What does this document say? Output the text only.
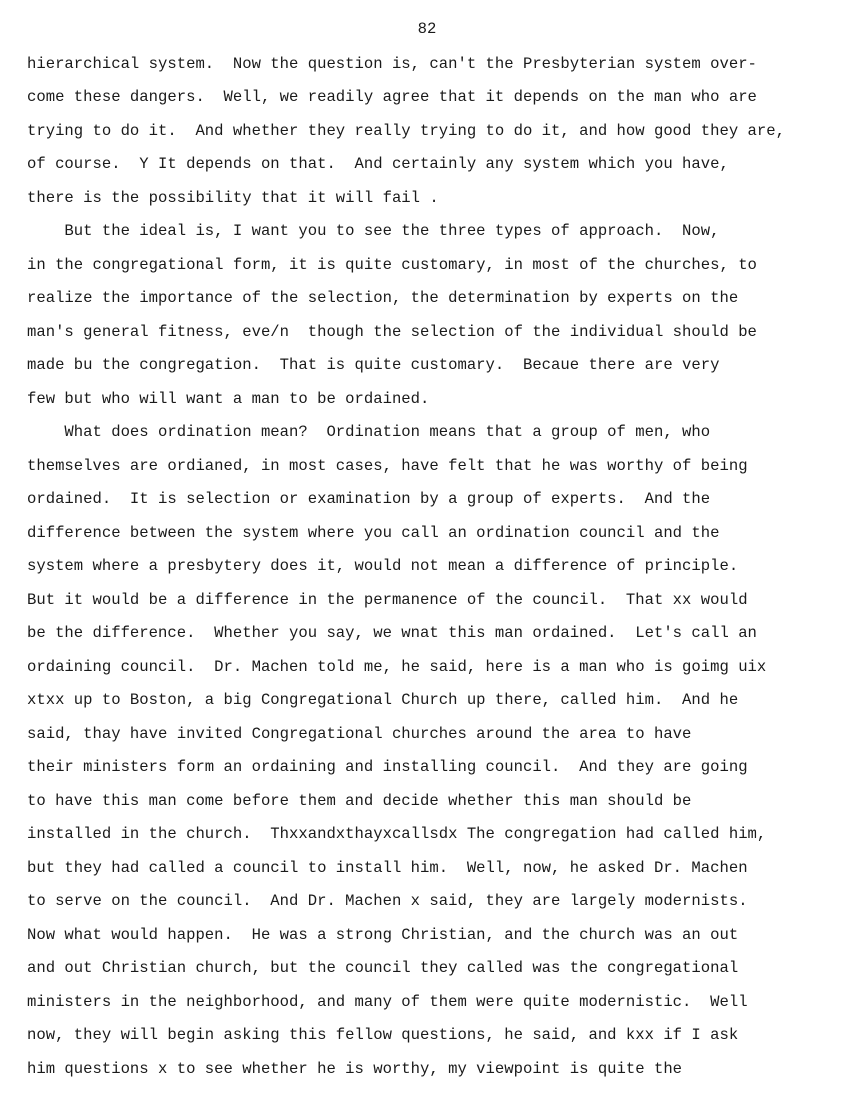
82
hierarchical system.  Now the question is, can't the Presbyterian system over-
come these dangers.  Well, we readily agree that it depends on the man who are
trying to do it.  And whether they really trying to do it, and how good they are,
of course.  Y It depends on that.  And certainly any system which you have,
there is the possibility that it will fail .
But the ideal is, I want you to see the three types of approach.  Now,
in the congregational form, it is quite customary, in most of the churches, to
realize the importance of the selection, the determination by experts on the
man's general fitness, eve/n  though the selection of the individual should be
made bu the congregation.  That is quite customary.  Becaue there are very
few but who will want a man to be ordained.
What does ordination mean?  Ordination means that a group of men, who
themselves are ordianed, in most cases, have felt that he was worthy of being
ordained.  It is selection or examination by a group of experts.  And the
difference between the system where you call an ordination council and the
system where a presbytery does it, would not mean a difference of principle.
But it would be a difference in the permanence of the council.  That xx would
be the difference.  Whether you say, we wnat this man ordained.  Let's call an
ordaining council.  Dr. Machen told me, he said, here is a man who is goimg uix
xtxx up to Boston, a big Congregational Church up there, called him.  And he
said, thay have invited Congregational churches around the area to have
their ministers form an ordaining and installing council.  And they are going
to have this man come before them and decide whether this man should be
installed in the church.  Thxxandxthayxcallsdx The congregation had called him,
but they had called a council to install him.  Well, now, he asked Dr. Machen
to serve on the council.  And Dr. Machen x said, they are largely modernists.
Now what would happen.  He was a strong Christian, and the church was an out
and out Christian church, but the council they called was the congregational
ministers in the neighborhood, and many of them were quite modernistic.  Well
now, they will begin asking this fellow questions, he said, and kxx if I ask
him questions x to see whether he is worthy, my viewpoint is quite the
